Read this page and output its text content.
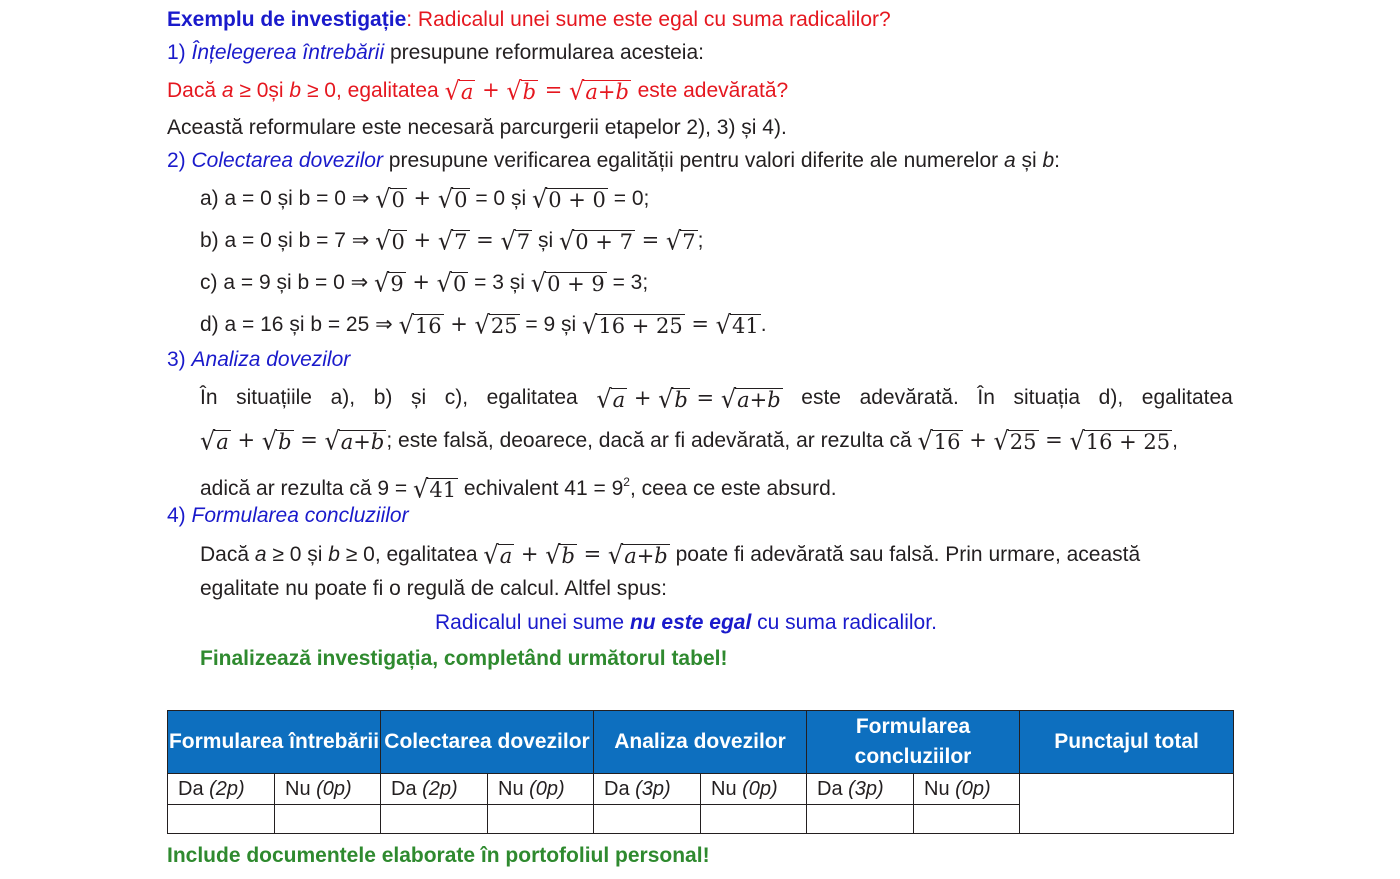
Exemplu de investigație: Radicalul unei sume este egal cu suma radicalilor?
1) Înțelegerea întrebării presupune reformularea acesteia:
Dacă a ≥ 0și b ≥ 0, egalitatea √a + √b = √a+b este adevărată?
Această reformulare este necesară parcurgerii etapelor 2), 3) și 4).
2) Colectarea dovezilor presupune verificarea egalității pentru valori diferite ale numerelor a și b:
a) a = 0 și b = 0 ⇒ √0 + √0 = 0 și √0 + 0 = 0;
b) a = 0 și b = 7 ⇒ √0 + √7 = √7 și √0 + 7 = √7;
c) a = 9 și b = 0 ⇒ √9 + √0 = 3 și √0 + 9 = 3;
d) a = 16 și b = 25 ⇒ √16 + √25 = 9 și √16 + 25 = √41.
3) Analiza dovezilor
În situațiile a), b) și c), egalitatea √a + √b = √a+b este adevărată. În situația d), egalitatea
√a + √b = √a+b; este falsă, deoarece, dacă ar fi adevărată, ar rezulta că √16 + √25 = √16 + 25,
adică ar rezulta că 9 = √41 echivalent $41 = 9^2$, ceea ce este absurd.
4) Formularea concluziilor
Dacă a ≥ 0 și b ≥ 0, egalitatea √a + √b = √a+b poate fi adevărată sau falsă. Prin urmare, această
egalitate nu poate fi o regulă de calcul. Altfel spus:
Radicalul unei sume nu este egal cu suma radicalilor.
Finalizează investigația, completând următorul tabel!
Formularea întrebării		Colectarea dovezilor		Analiza dovezilor		Formularea concluziilor		Punctajul total
Da (2p)	Nu (0p)	Da (2p)	Nu (0p)	Da (3p)	Nu (0p)	Da (3p)	Nu (0p)	

Include documentele elaborate în portofoliul personal!
